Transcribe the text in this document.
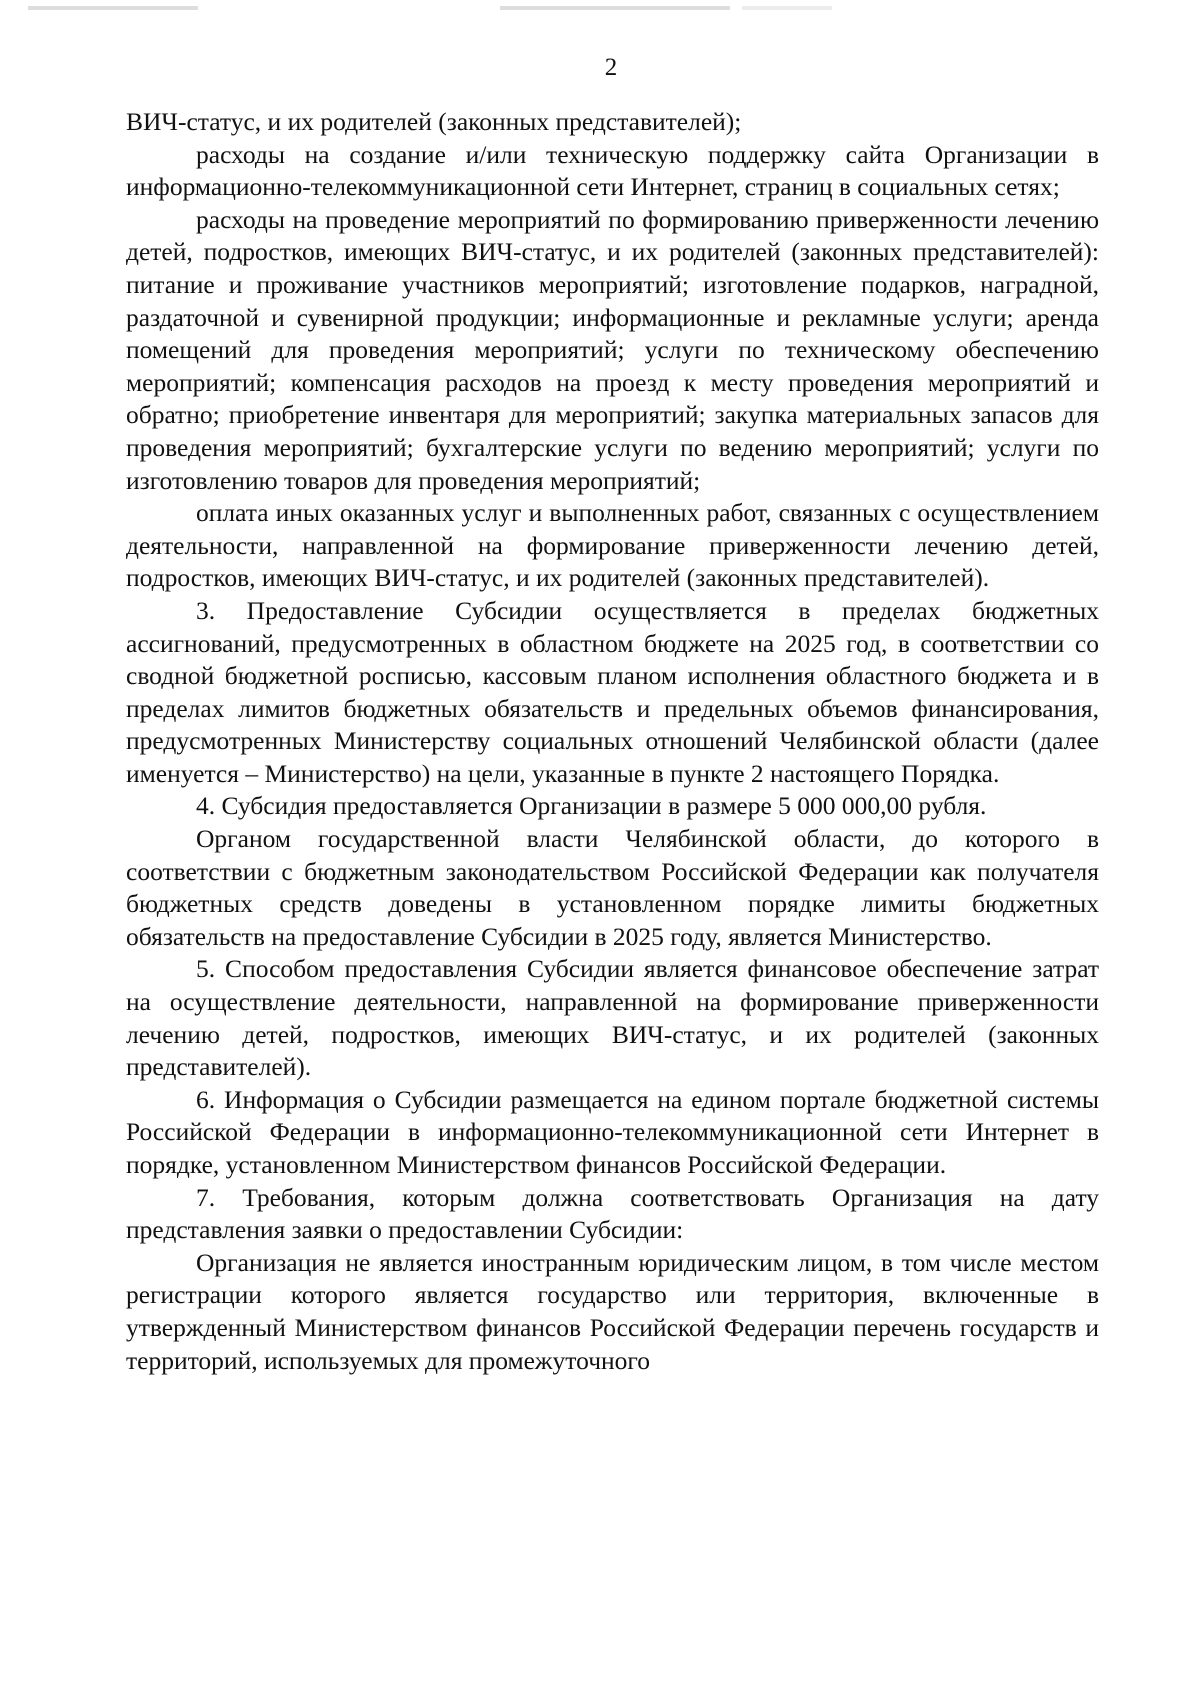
2

ВИЧ-статус, и их родителей (законных представителей);

расходы на создание и/или техническую поддержку сайта Организации в информационно-телекоммуникационной сети Интернет, страниц в социальных сетях;

расходы на проведение мероприятий по формированию приверженности лечению детей, подростков, имеющих ВИЧ-статус, и их родителей (законных представителей): питание и проживание участников мероприятий; изготовление подарков, наградной, раздаточной и сувенирной продукции; информационные и рекламные услуги; аренда помещений для проведения мероприятий; услуги по техническому обеспечению мероприятий; компенсация расходов на проезд к месту проведения мероприятий и обратно; приобретение инвентаря для мероприятий; закупка материальных запасов для проведения мероприятий; бухгалтерские услуги по ведению мероприятий; услуги по изготовлению товаров для проведения мероприятий;

оплата иных оказанных услуг и выполненных работ, связанных с осуществлением деятельности, направленной на формирование приверженности лечению детей, подростков, имеющих ВИЧ-статус, и их родителей (законных представителей).

3. Предоставление Субсидии осуществляется в пределах бюджетных ассигнований, предусмотренных в областном бюджете на 2025 год, в соответствии со сводной бюджетной росписью, кассовым планом исполнения областного бюджета и в пределах лимитов бюджетных обязательств и предельных объемов финансирования, предусмотренных Министерству социальных отношений Челябинской области (далее именуется – Министерство) на цели, указанные в пункте 2 настоящего Порядка.

4. Субсидия предоставляется Организации в размере 5 000 000,00 рубля.

Органом государственной власти Челябинской области, до которого в соответствии с бюджетным законодательством Российской Федерации как получателя бюджетных средств доведены в установленном порядке лимиты бюджетных обязательств на предоставление Субсидии в 2025 году, является Министерство.

5. Способом предоставления Субсидии является финансовое обеспечение затрат на осуществление деятельности, направленной на формирование приверженности лечению детей, подростков, имеющих ВИЧ-статус, и их родителей (законных представителей).

6. Информация о Субсидии размещается на едином портале бюджетной системы Российской Федерации в информационно-телекоммуникационной сети Интернет в порядке, установленном Министерством финансов Российской Федерации.

7. Требования, которым должна соответствовать Организация на дату представления заявки о предоставлении Субсидии:

Организация не является иностранным юридическим лицом, в том числе местом регистрации которого является государство или территория, включенные в утвержденный Министерством финансов Российской Федерации перечень государств и территорий, используемых для промежуточного
